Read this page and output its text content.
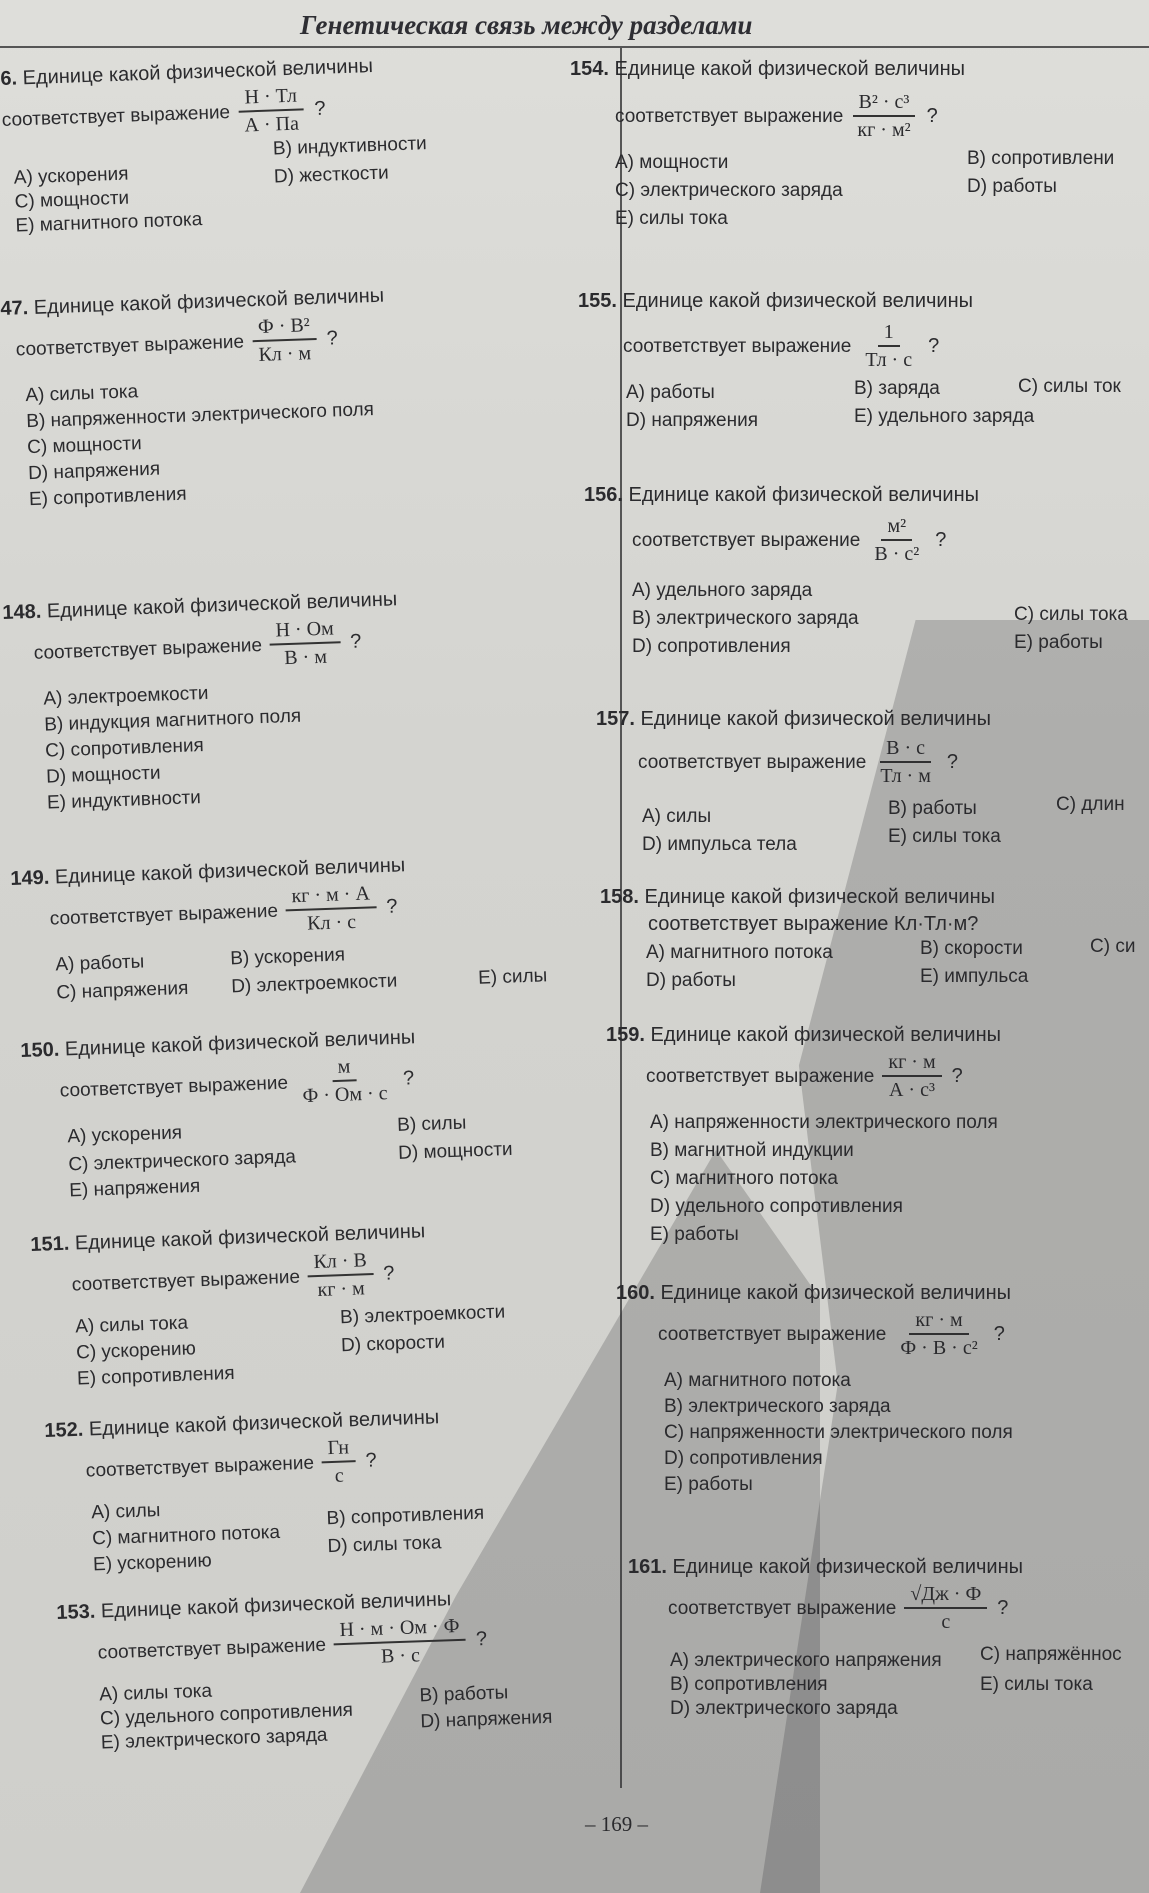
Генетическая связь между разделами
6. Единице какой физической величины
соответствует выражение $\frac{Н \cdot Тл}{А \cdot Па}$ ?
А) ускорения
В) индуктивности
С) мощности
D) жесткости
Е) магнитного потока
47. Единице какой физической величины
соответствует выражение $\frac{\text{Ф · В²}}{Кл \cdot м}$ ?
А) силы тока
В) напряженности электрического поля
С) мощности
D) напряжения
Е) сопротивления
148. Единице какой физической величины
соответствует выражение $\frac{Н \cdot Ом}{В \cdot м}$ ?
А) электроемкости
В) индукция магнитного поля
С) сопротивления
D) мощности
Е) индуктивности
149. Единице какой физической величины
соответствует выражение $\frac{кг \cdot м \cdot А}{Кл \cdot с}$ ?
А) работы	В) ускорения
С) напряжения D) электроемкости	Е) силы
150. Единице какой физической величины
соответствует выражение $\frac{м}{Ф \cdot Ом \cdot с}$ ?
А) ускорения	В) силы
С) электрического заряда	D) мощности
Е) напряжения
151. Единице какой физической величины
соответствует выражение $\frac{Кл \cdot В}{кг \cdot м}$ ?
А) силы тока	В) электроемкости
С) ускорению	D) скорости
Е) сопротивления
152. Единице какой физической величины
соответствует выражение $\frac{Гн}{с}$ ?
А) силы	В) сопротивления
С) магнитного потока D) силы тока
Е) ускорению
153. Единице какой физической величины
соответствует выражение $\frac{Н \cdot м \cdot Ом \cdot Ф}{В \cdot с}$ ?
А) силы тока	В) работы
С) удельного сопротивления	D) напряжения
Е) электрического заряда
154. Единице какой физической величины
соответствует выражение $\frac{\text{В² · с³}}{\text{кг · м²}}$ ?
А) мощности	В) сопротивлени
С) электрического заряда	D) работы
Е) силы тока
155. Единице какой физической величины
соответствует выражение $\frac{1}{Тл \cdot с}$ ?
А) работы	В) заряда	С) силы ток
D) напряжения	Е) удельного заряда
156. Единице какой физической величины
соответствует выражение $\frac{\text{м²}}{\text{В · с²}}$ ?
А) удельного заряда
В) электрического заряда	С) силы тока
D) сопротивления	Е) работы
157. Единице какой физической величины
соответствует выражение $\frac{В \cdot с}{Тл \cdot м}$ ?
А) силы	В) работы	С) длин
D) импульса тела	Е) силы тока
158. Единице какой физической величины
соответствует выражение Кл·Тл·м?
А) магнитного потока	В) скорости	С) си
D) работы	Е) импульса
159. Единице какой физической величины
соответствует выражение $\frac{кг \cdot м}{\text{А · с³}}$ ?
А) напряженности электрического поля
В) магнитной индукции
С) магнитного потока
D) удельного сопротивления
Е) работы
160. Единице какой физической величины
соответствует выражение $\frac{кг \cdot м}{\text{Ф · В · с²}}$ ?
А) магнитного потока
В) электрического заряда
С) напряженности электрического поля
D) сопротивления
Е) работы
161. Единице какой физической величины
соответствует выражение $\frac{√Дж \cdot Ф}{с}$ ?
А) электрического напряжения
В) сопротивления
С) напряжённос
D) электрического заряда
Е) силы тока
– 169 –
